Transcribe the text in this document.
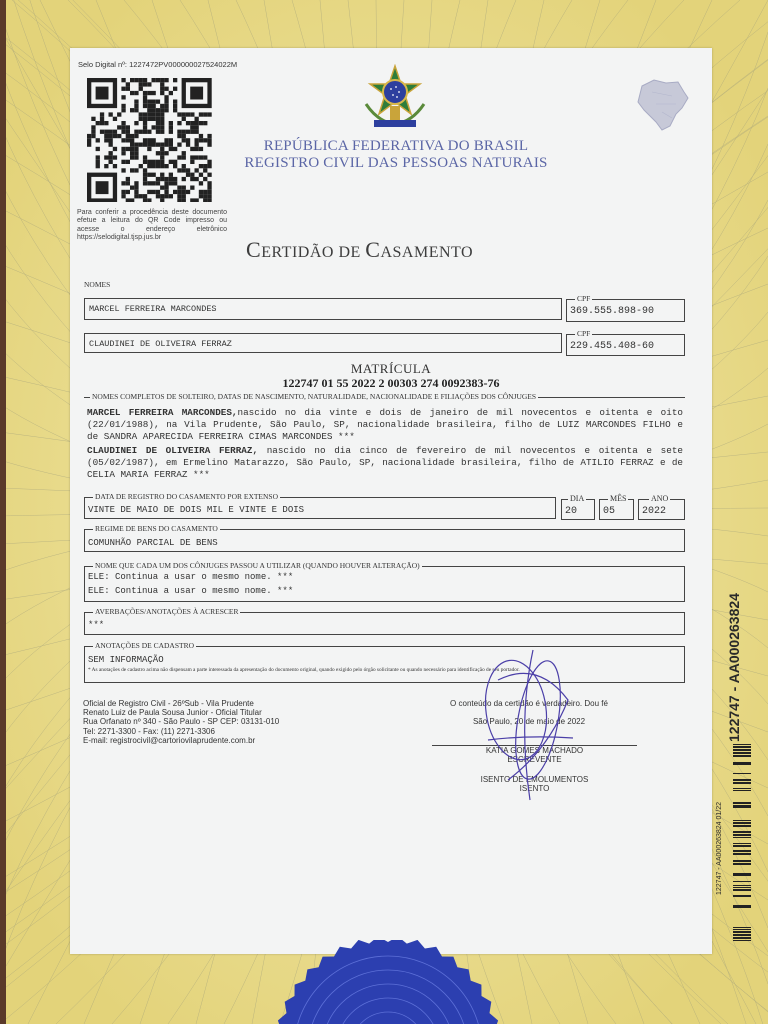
Selo Digital nº: 1227472PV000000027524022M
Para conferir a procedência deste documento efetue a leitura do QR Code impresso ou acesse o endereço eletrônico https://selodigital.tjsp.jus.br
REPÚBLICA FEDERATIVA DO BRASIL
REGISTRO CIVIL DAS PESSOAS NATURAIS
CERTIDÃO DE CASAMENTO
NOMES
MARCEL FERREIRA MARCONDES
CPF
369.555.898-90
CLAUDINEI DE OLIVEIRA FERRAZ
CPF
229.455.408-60
MATRÍCULA
122747 01 55 2022 2 00303 274 0092383-76
NOMES COMPLETOS DE SOLTEIRO, DATAS DE NASCIMENTO, NATURALIDADE, NACIONALIDADE E FILIAÇÕES DOS CÔNJUGES
MARCEL FERREIRA MARCONDES,nascido no dia vinte e dois de janeiro de mil novecentos e oitenta e oito (22/01/1988), na Vila Prudente, São Paulo, SP, nacionalidade brasileira, filho de LUIZ MARCONDES FILHO e de SANDRA APARECIDA FERREIRA CIMAS MARCONDES ***
CLAUDINEI DE OLIVEIRA FERRAZ, nascido no dia cinco de fevereiro de mil novecentos e oitenta e sete (05/02/1987), em Ermelino Matarazzo, São Paulo, SP, nacionalidade brasileira, filho de ATILIO FERRAZ e de CELIA MARIA FERRAZ ***
DATA DE REGISTRO DO CASAMENTO POR EXTENSO
VINTE DE MAIO DE DOIS MIL E VINTE E DOIS
DIA
20
MÊS
05
ANO
2022
REGIME DE BENS DO CASAMENTO
COMUNHÃO PARCIAL DE BENS
NOME QUE CADA UM DOS CÔNJUGES PASSOU A UTILIZAR (QUANDO HOUVER ALTERAÇÃO)
ELE: Continua a usar o mesmo nome. ***
ELE: Continua a usar o mesmo nome. ***
AVERBAÇÕES/ANOTAÇÕES À ACRESCER
***
ANOTAÇÕES DE CADASTRO
SEM INFORMAÇÃO
* As anotações de cadastro acima não dispensam a parte interessada da apresentação do documento original, quando exigido pelo órgão solicitante ou quando necessário para identificação de seu portador.
Oficial de Registro Civil - 26ºSub - Vila Prudente
Renato Luiz de Paula Sousa Junior - Oficial Titular
Rua Orfanato nº 340 - São Paulo - SP CEP: 03131-010
Tel: 2271-3300 - Fax: (11) 2271-3306
E-mail: registrocivil@cartoriovilaprudente.com.br
O conteúdo da certidão é verdadeiro. Dou fé
São Paulo, 20 de maio de 2022
KATIA GOMES MACHADO
ESCREVENTE
ISENTO DE EMOLUMENTOS
ISENTO
122747 - AA000263824
122747 - AA000263824 01/22
